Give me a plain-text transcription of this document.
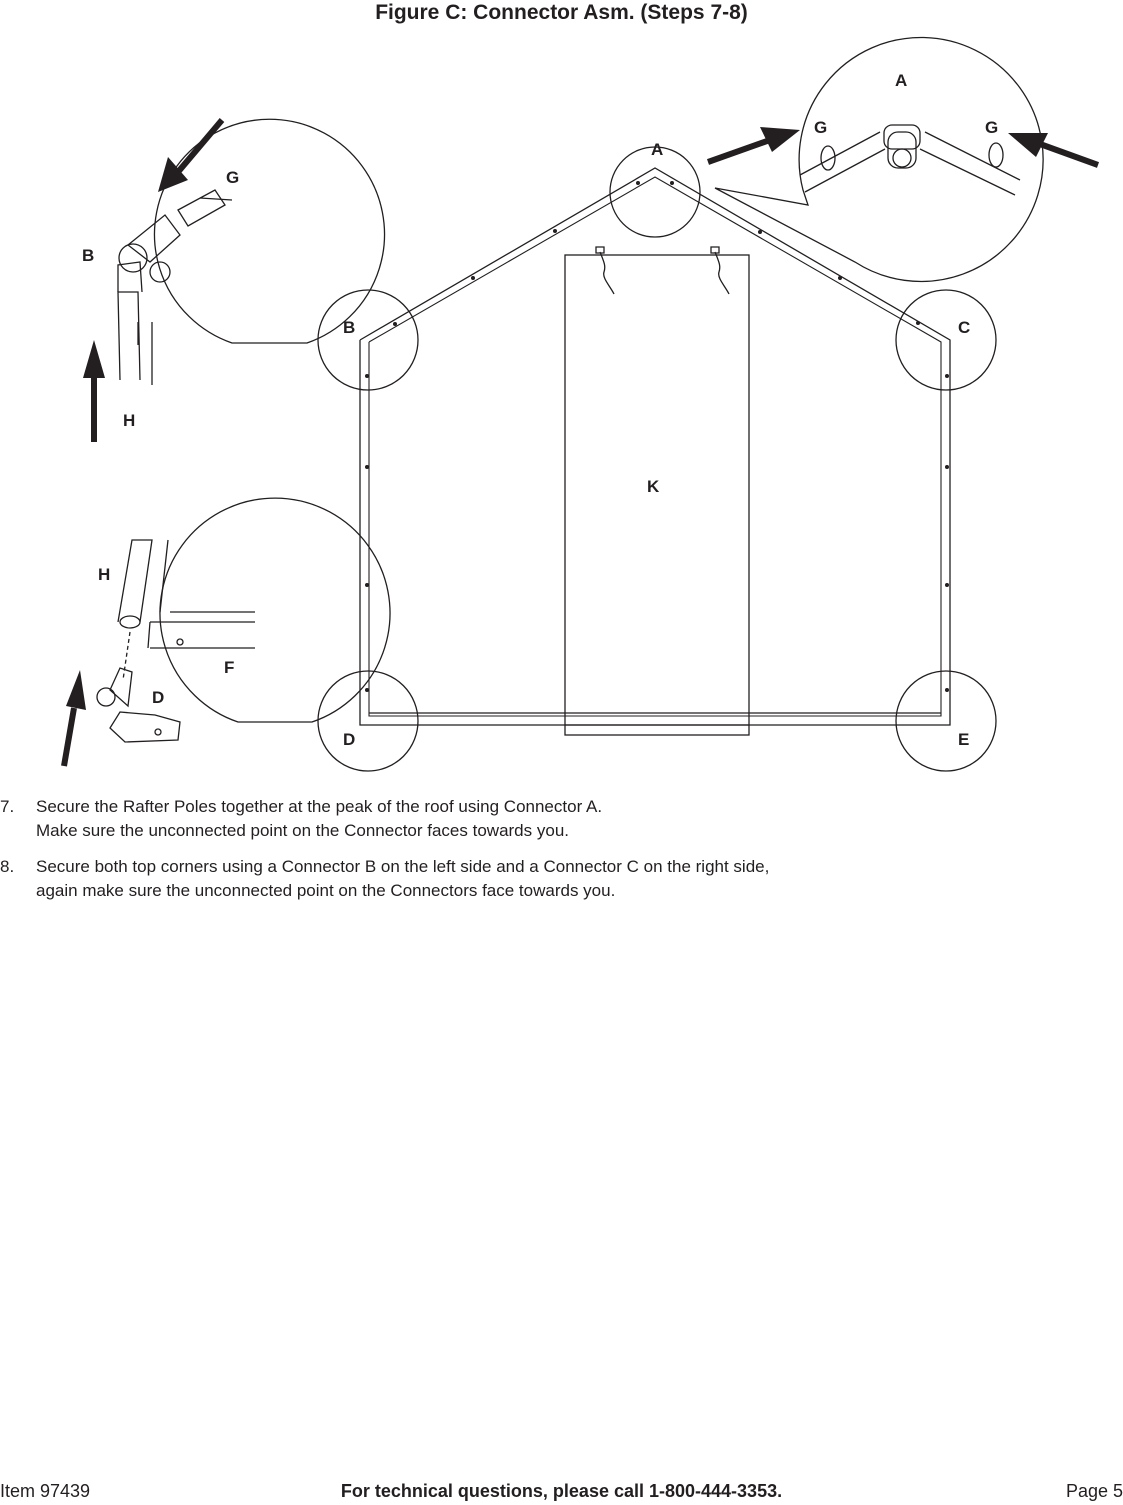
Figure C: Connector Asm. (Steps 7-8)
A
B	C
D	E
K
A
G	G
G
B
H
H
F
D
7.	Secure the Rafter Poles together at the peak of the roof using Connector A.
Make sure the unconnected point on the Connector faces towards you.
8.	Secure both top corners using a Connector B on the left side and a Connector C on the right side,
again make sure the unconnected point on the Connectors face towards you.
Item 97439	For technical questions, please call 1-800-444-3353.	Page 5
